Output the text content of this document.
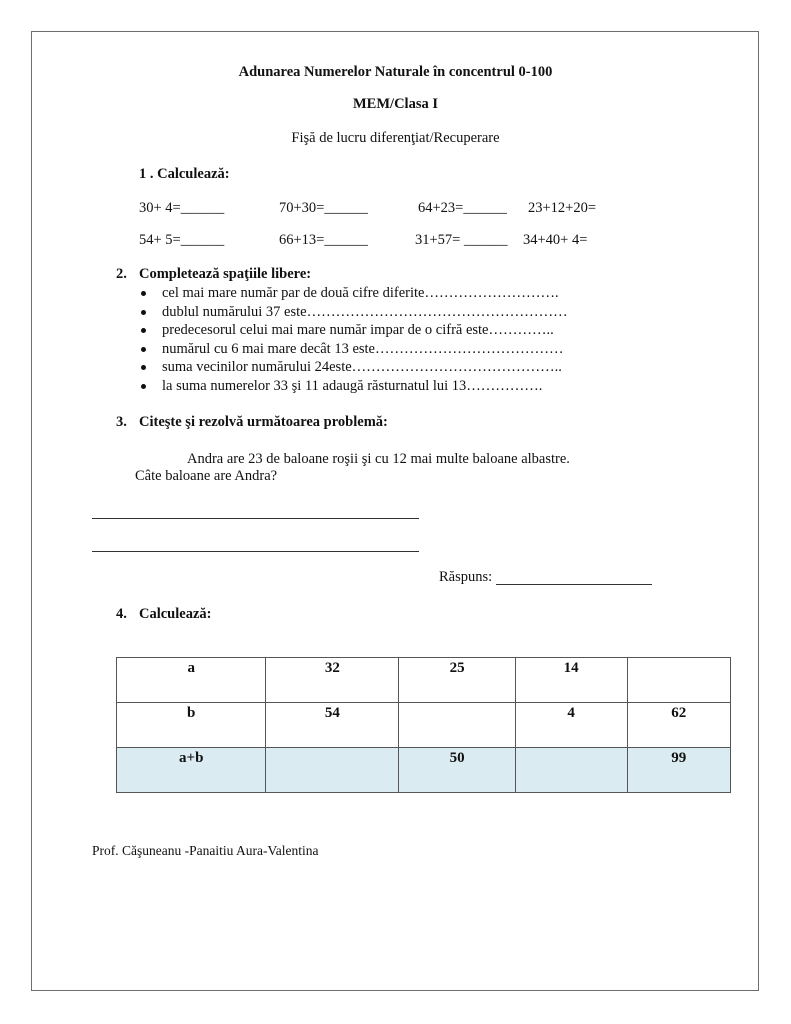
Adunarea Numerelor Naturale în concentrul 0-100
MEM/Clasa I
Fişă de lucru diferenţiat/Recuperare
1 . Calculează:
30+ 4=______	70+30=______	64+23=______ 23+12+20=
54+ 5=______	66+13=______	31+57= ______ 34+40+ 4=
2. Completează spaţiile libere:
cel mai mare număr par de două cifre diferite……………………….
dublul numărului 37 este………………………………………………
predecesorul celui mai mare număr impar de o cifră este…………..
numărul cu 6 mai mare decât 13 este…………………………………
suma vecinilor numărului 24este……………………………………..
la suma numerelor 33 şi 11 adaugă răsturnatul lui 13…………….
3. Citeşte şi rezolvă următoarea problemă:
Andra are 23 de baloane roşii şi cu 12 mai multe baloane albastre.
Câte baloane are Andra?
Răspuns:
4. Calculează:
a	32	25	14	
b	54		4	62
a+b		50		99
Prof. Căşuneanu -Panaitiu Aura-Valentina
